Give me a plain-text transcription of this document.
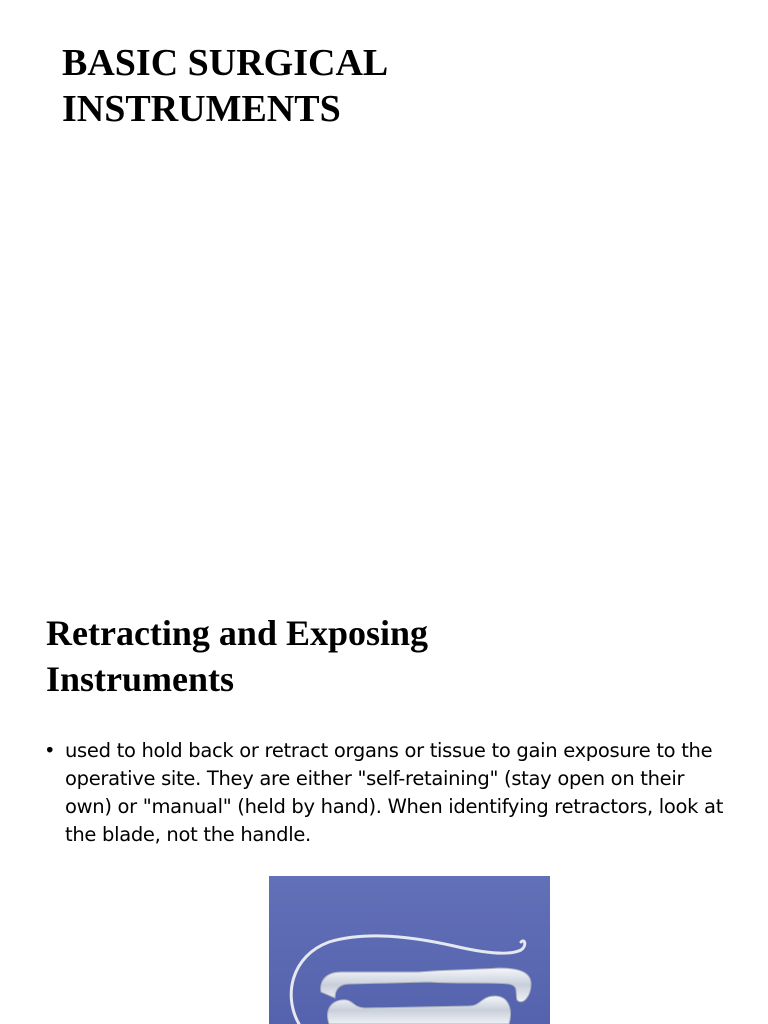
BASIC SURGICAL
INSTRUMENTS
Retracting and Exposing
Instruments
• used to hold back or retract organs or tissue to gain exposure to the operative site. They are either "self-retaining" (stay open on their own) or "manual" (held by hand). When identifying retractors, look at the blade, not the handle.
